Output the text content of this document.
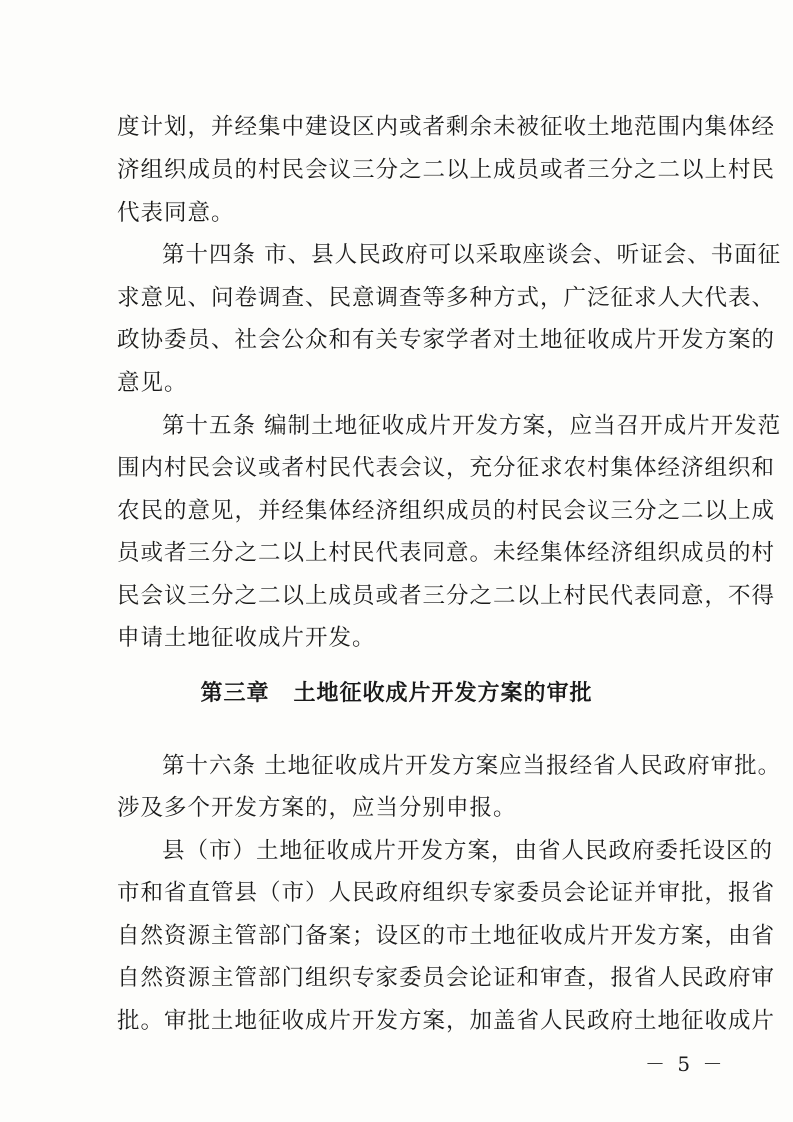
度计划，并经集中建设区内或者剩余未被征收土地范围内集体经
济组织成员的村民会议三分之二以上成员或者三分之二以上村民
代表同意。
第十四条 市、县人民政府可以采取座谈会、听证会、书面征
求意见、问卷调查、民意调查等多种方式，广泛征求人大代表、
政协委员、社会公众和有关专家学者对土地征收成片开发方案的
意见。
第十五条 编制土地征收成片开发方案，应当召开成片开发范
围内村民会议或者村民代表会议，充分征求农村集体经济组织和
农民的意见，并经集体经济组织成员的村民会议三分之二以上成
员或者三分之二以上村民代表同意。未经集体经济组织成员的村
民会议三分之二以上成员或者三分之二以上村民代表同意，不得
申请土地征收成片开发。
第三章 土地征收成片开发方案的审批
第十六条 土地征收成片开发方案应当报经省人民政府审批。
涉及多个开发方案的，应当分别申报。
县（市）土地征收成片开发方案，由省人民政府委托设区的
市和省直管县（市）人民政府组织专家委员会论证并审批，报省
自然资源主管部门备案；设区的市土地征收成片开发方案，由省
自然资源主管部门组织专家委员会论证和审查，报省人民政府审
批。审批土地征收成片开发方案，加盖省人民政府土地征收成片
－ 5 －
